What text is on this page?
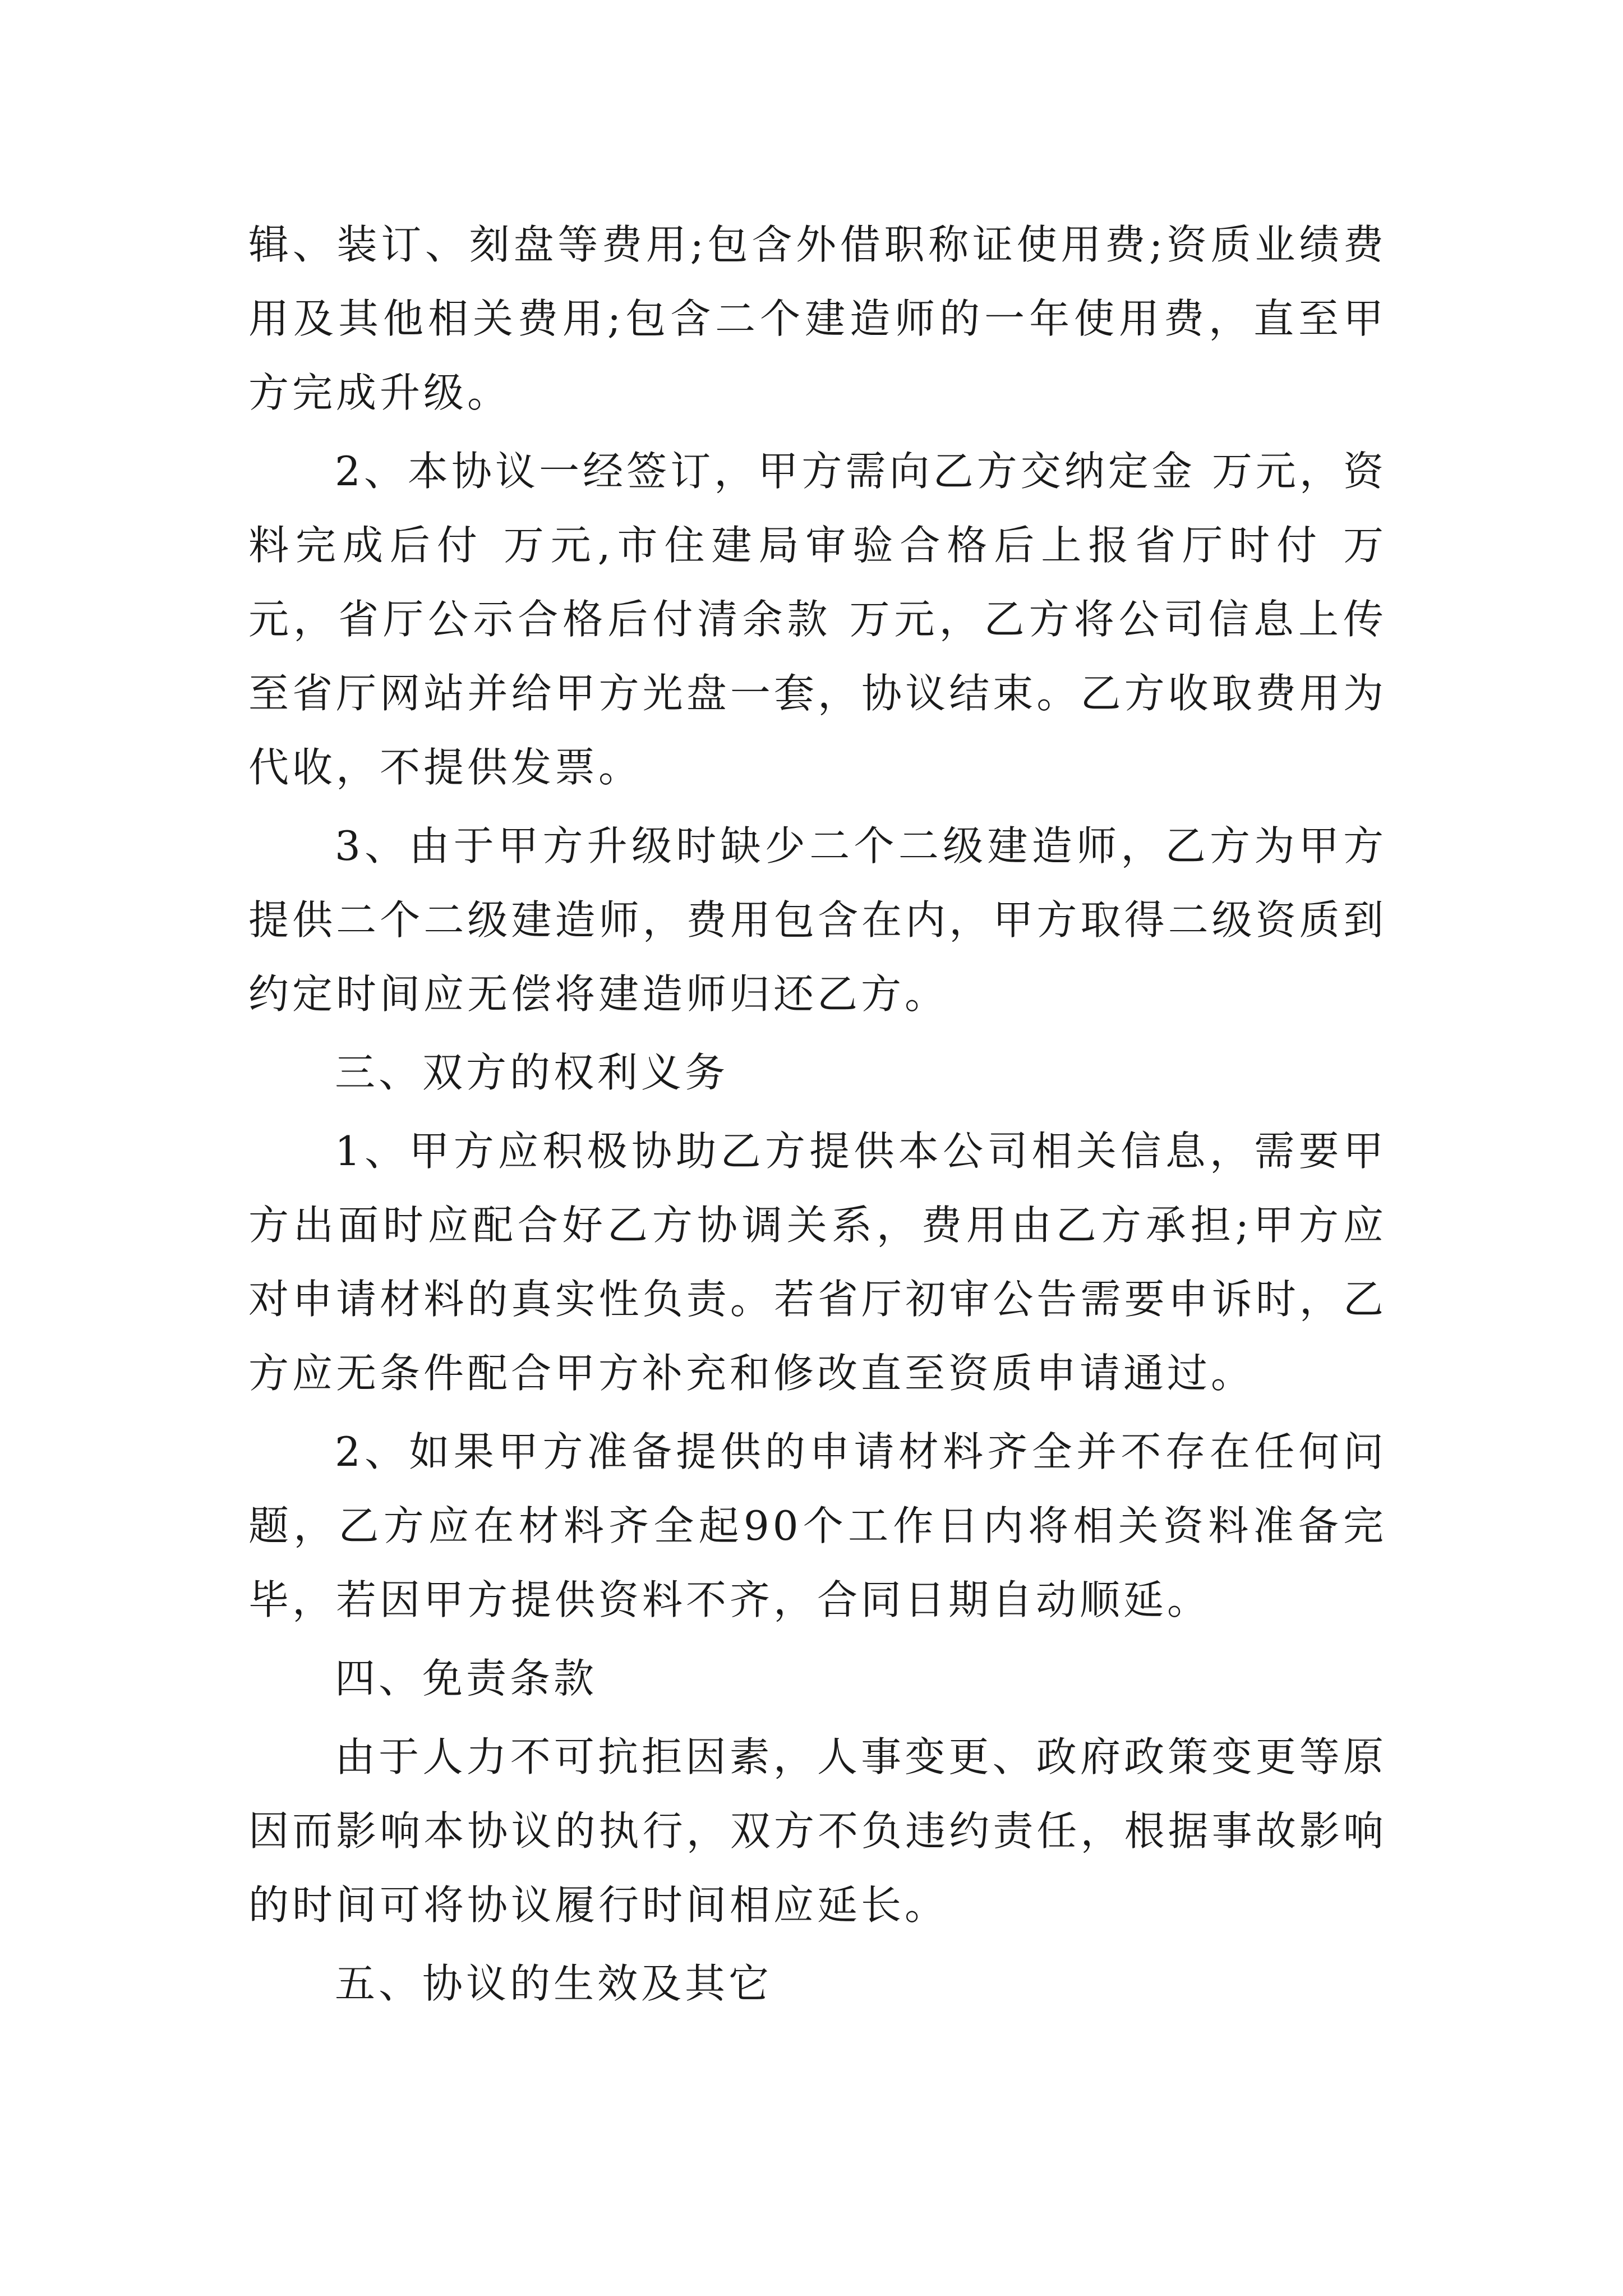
辑、装订、刻盘等费用;包含外借职称证使用费;资质业绩费用及其他相关费用;包含二个建造师的一年使用费，直至甲方完成升级。

2、本协议一经签订，甲方需向乙方交纳定金 万元，资料完成后付 万元,市住建局审验合格后上报省厅时付 万元，省厅公示合格后付清余款 万元，乙方将公司信息上传至省厅网站并给甲方光盘一套，协议结束。乙方收取费用为代收，不提供发票。

3、由于甲方升级时缺少二个二级建造师，乙方为甲方提供二个二级建造师，费用包含在内，甲方取得二级资质到约定时间应无偿将建造师归还乙方。

三、双方的权利义务

1、甲方应积极协助乙方提供本公司相关信息，需要甲方出面时应配合好乙方协调关系，费用由乙方承担;甲方应对申请材料的真实性负责。若省厅初审公告需要申诉时，乙方应无条件配合甲方补充和修改直至资质申请通过。

2、如果甲方准备提供的申请材料齐全并不存在任何问题，乙方应在材料齐全起90个工作日内将相关资料准备完毕，若因甲方提供资料不齐，合同日期自动顺延。

四、免责条款

由于人力不可抗拒因素，人事变更、政府政策变更等原因而影响本协议的执行，双方不负违约责任，根据事故影响的时间可将协议履行时间相应延长。

五、协议的生效及其它
